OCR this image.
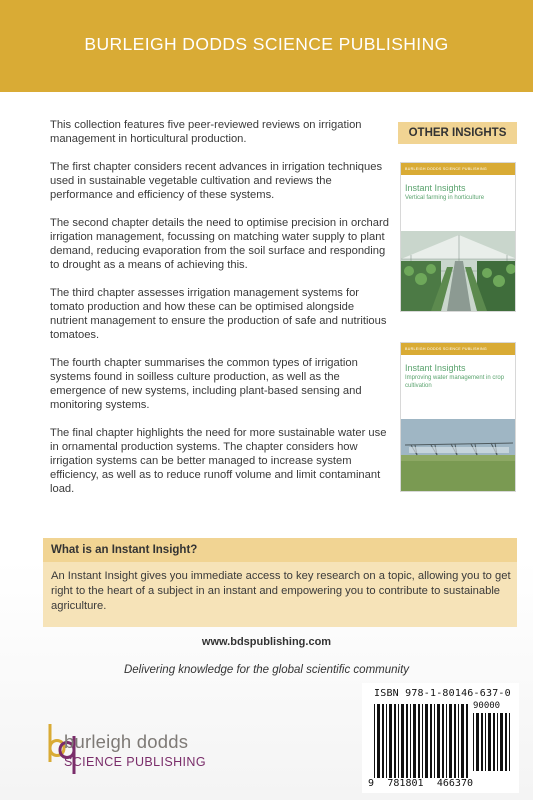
BURLEIGH DODDS SCIENCE PUBLISHING

This collection features five peer-reviewed reviews on irrigation management in horticultural production.

The first chapter considers recent advances in irrigation techniques used in sustainable vegetable cultivation and reviews the performance and efficiency of these systems.

The second chapter details the need to optimise precision in orchard irrigation management, focussing on matching water supply to plant demand, reducing evaporation from the soil surface and responding to drought as a means of achieving this.

The third chapter assesses irrigation management systems for tomato production and how these can be optimised alongside nutrient management to ensure the production of safe and nutritious tomatoes.

The fourth chapter summarises the common types of irrigation systems found in soilless culture production, as well as the emergence of new systems, including plant-based sensing and monitoring systems.

The final chapter highlights the need for more sustainable water use in ornamental production systems. The chapter considers how irrigation systems can be better managed to increase system efficiency, as well as to reduce runoff volume and limit contaminant load.

OTHER INSIGHTS
BURLEIGH DODDS SCIENCE PUBLISHING
Instant Insights
Vertical farming in horticulture
BURLEIGH DODDS SCIENCE PUBLISHING
Instant Insights
Improving water management in crop cultivation
What is an Instant Insight?
An Instant Insight gives you immediate access to key research on a topic, allowing you to get right to the heart of a subject in an instant and empowering you to contribute to sustainable agriculture.
www.bdspublishing.com
Delivering knowledge for the global scientific community
burleigh dodds
SCIENCE PUBLISHING
ISBN 978-1-80146-637-0
90000
9 781801 466370
